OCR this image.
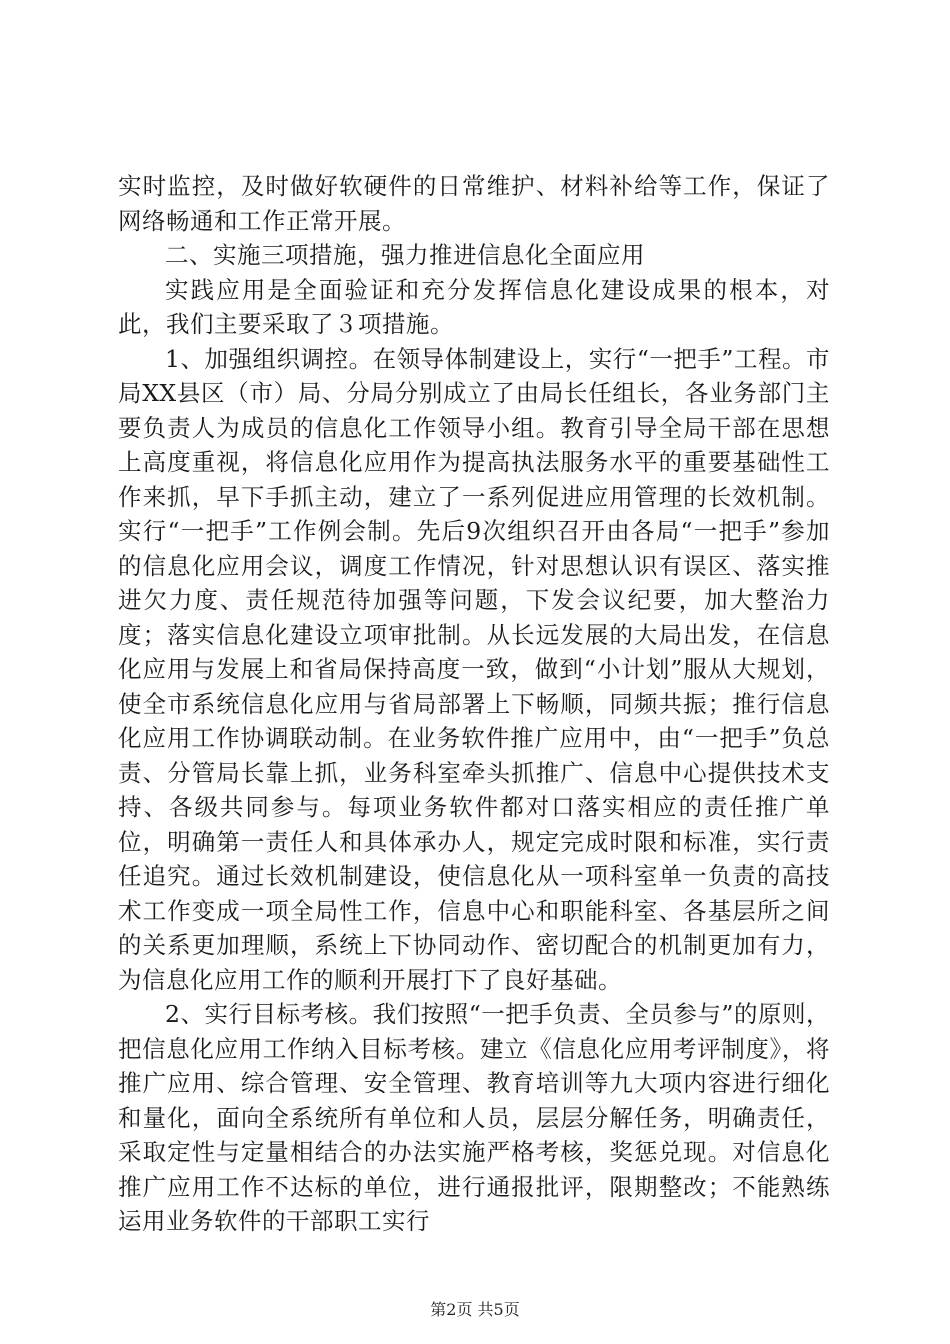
实时监控，及时做好软硬件的日常维护、材料补给等工作，保证了网络畅通和工作正常开展。

二、实施三项措施，强力推进信息化全面应用

实践应用是全面验证和充分发挥信息化建设成果的根本，对此，我们主要采取了３项措施。

1、加强组织调控。在领导体制建设上，实行“一把手”工程。市局XX县区（市）局、分局分别成立了由局长任组长，各业务部门主要负责人为成员的信息化工作领导小组。教育引导全局干部在思想上高度重视，将信息化应用作为提高执法服务水平的重要基础性工作来抓，早下手抓主动，建立了一系列促进应用管理的长效机制。实行“一把手”工作例会制。先后9次组织召开由各局“一把手”参加的信息化应用会议，调度工作情况，针对思想认识有误区、落实推进欠力度、责任规范待加强等问题，下发会议纪要，加大整治力度；落实信息化建设立项审批制。从长远发展的大局出发，在信息化应用与发展上和省局保持高度一致，做到“小计划”服从大规划，使全市系统信息化应用与省局部署上下畅顺，同频共振；推行信息化应用工作协调联动制。在业务软件推广应用中，由“一把手”负总责、分管局长靠上抓，业务科室牵头抓推广、信息中心提供技术支持、各级共同参与。每项业务软件都对口落实相应的责任推广单位，明确第一责任人和具体承办人，规定完成时限和标准，实行责任追究。通过长效机制建设，使信息化从一项科室单一负责的高技术工作变成一项全局性工作，信息中心和职能科室、各基层所之间的关系更加理顺，系统上下协同动作、密切配合的机制更加有力，为信息化应用工作的顺利开展打下了良好基础。

2、实行目标考核。我们按照“一把手负责、全员参与”的原则，把信息化应用工作纳入目标考核。建立《信息化应用考评制度》，将推广应用、综合管理、安全管理、教育培训等九大项内容进行细化和量化，面向全系统所有单位和人员，层层分解任务，明确责任，采取定性与定量相结合的办法实施严格考核，奖惩兑现。对信息化推广应用工作不达标的单位，进行通报批评，限期整改；不能熟练运用业务软件的干部职工实行

第2页 共5页
